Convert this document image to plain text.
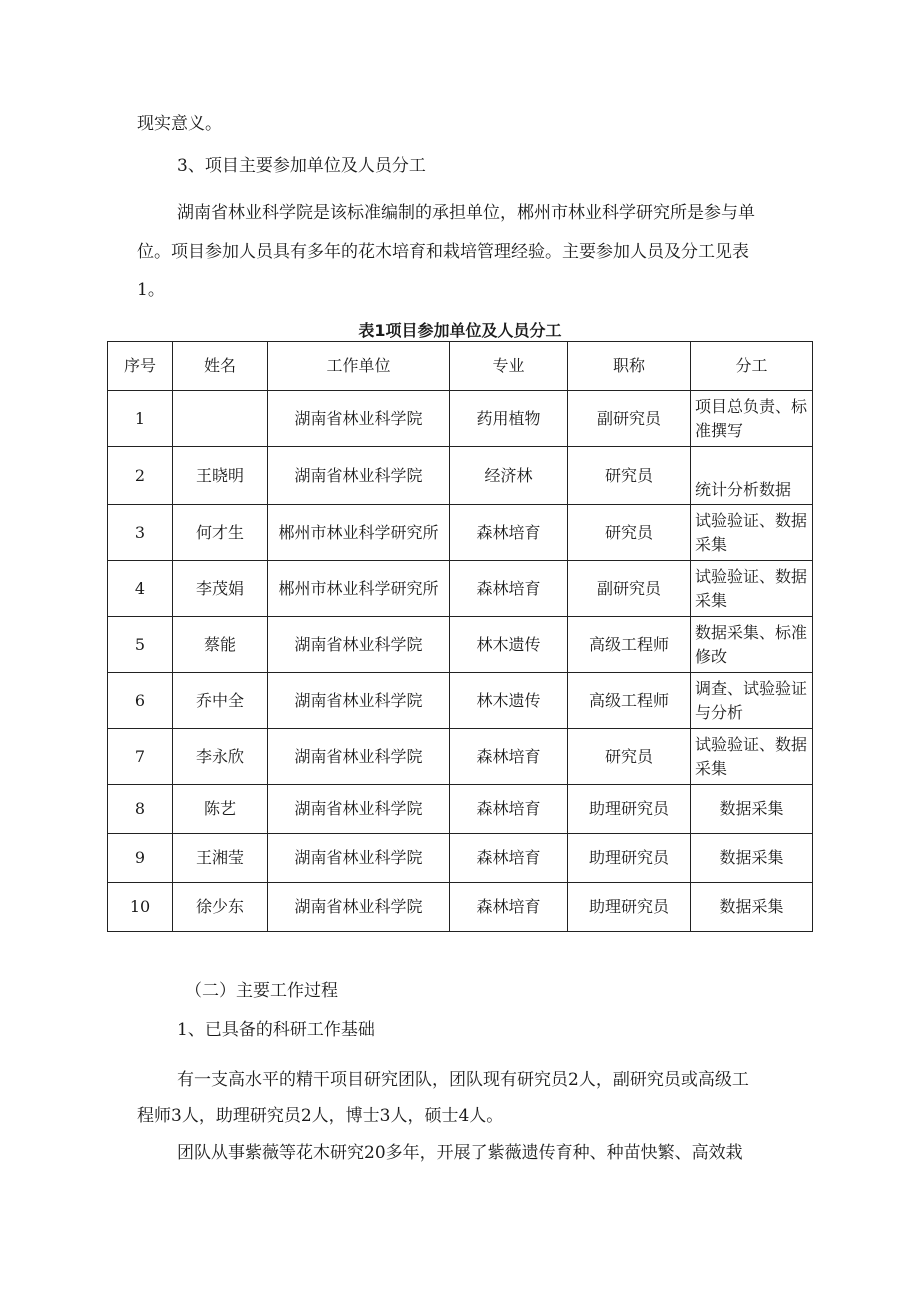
现实意义。
3、项目主要参加单位及人员分工
湖南省林业科学院是该标准编制的承担单位，郴州市林业科学研究所是参与单
位。项目参加人员具有多年的花木培育和栽培管理经验。主要参加人员及分工见表
1。
表1项目参加单位及人员分工
序号	姓名	工作单位	专业	职称	分工
1		湖南省林业科学院	药用植物	副研究员	项目总负责、标准撰写
2	王晓明	湖南省林业科学院	经济林	研究员	统计分析数据
3	何才生	郴州市林业科学研究所	森林培育	研究员	试验验证、数据采集
4	李茂娟	郴州市林业科学研究所	森林培育	副研究员	试验验证、数据采集
5	蔡能	湖南省林业科学院	林木遗传	高级工程师	数据采集、标准修改
6	乔中全	湖南省林业科学院	林木遗传	高级工程师	调查、试验验证与分析
7	李永欣	湖南省林业科学院	森林培育	研究员	试验验证、数据采集
8	陈艺	湖南省林业科学院	森林培育	助理研究员	数据采集
9	王湘莹	湖南省林业科学院	森林培育	助理研究员	数据采集
10	徐少东	湖南省林业科学院	森林培育	助理研究员	数据采集
（二）主要工作过程
1、已具备的科研工作基础
有一支高水平的精干项目研究团队，团队现有研究员2人，副研究员或高级工
程师3人，助理研究员2人，博士3人，硕士4人。
团队从事紫薇等花木研究20多年，开展了紫薇遗传育种、种苗快繁、高效栽
